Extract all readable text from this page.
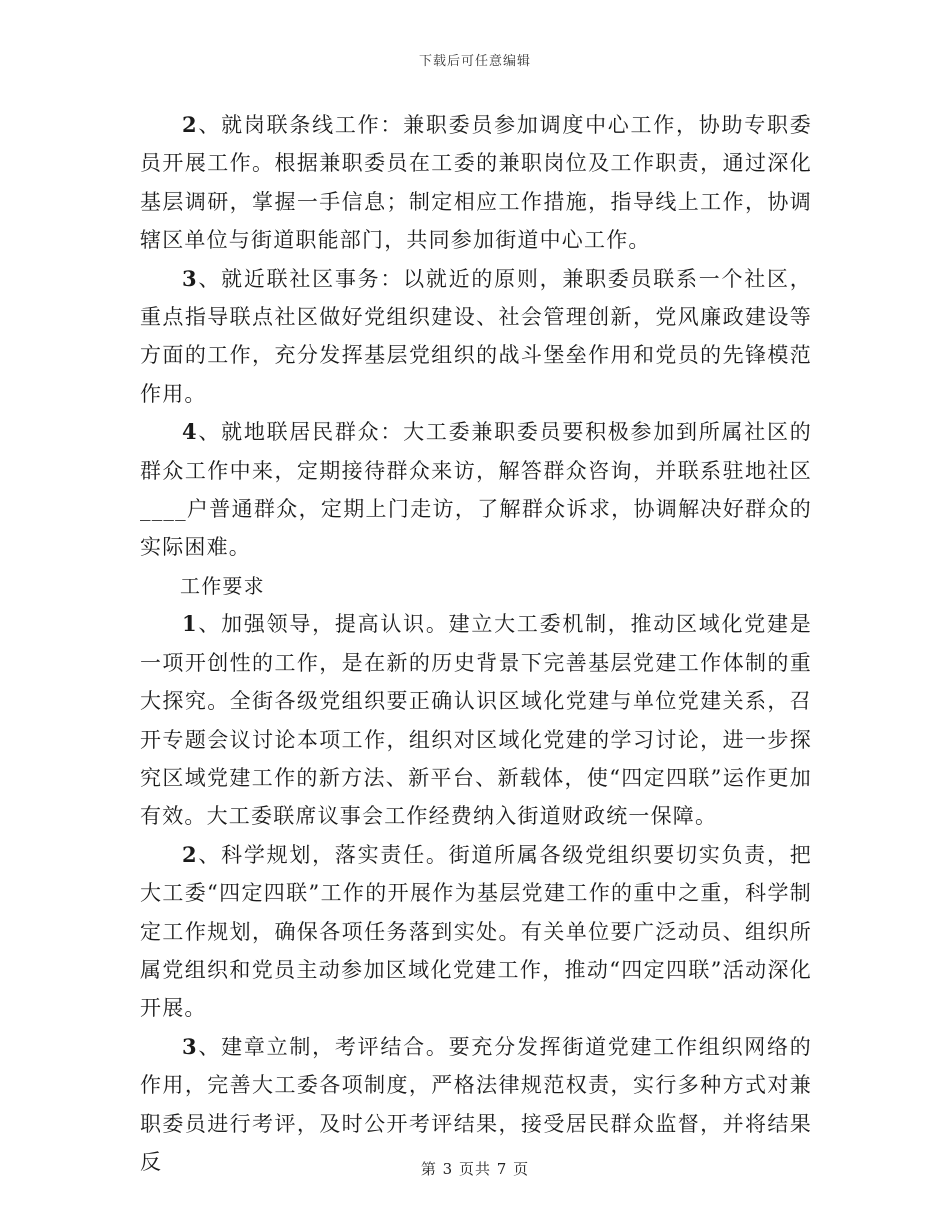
下载后可任意编辑

2、就岗联条线工作：兼职委员参加调度中心工作，协助专职委员开展工作。根据兼职委员在工委的兼职岗位及工作职责，通过深化基层调研，掌握一手信息；制定相应工作措施，指导线上工作，协调辖区单位与街道职能部门，共同参加街道中心工作。

3、就近联社区事务：以就近的原则，兼职委员联系一个社区，重点指导联点社区做好党组织建设、社会管理创新，党风廉政建设等方面的工作，充分发挥基层党组织的战斗堡垒作用和党员的先锋模范作用。

4、就地联居民群众：大工委兼职委员要积极参加到所属社区的群众工作中来，定期接待群众来访，解答群众咨询，并联系驻地社区____户普通群众，定期上门走访，了解群众诉求，协调解决好群众的实际困难。

工作要求

1、加强领导，提高认识。建立大工委机制，推动区域化党建是一项开创性的工作，是在新的历史背景下完善基层党建工作体制的重大探究。全街各级党组织要正确认识区域化党建与单位党建关系，召开专题会议讨论本项工作，组织对区域化党建的学习讨论，进一步探究区域党建工作的新方法、新平台、新载体，使“四定四联”运作更加有效。大工委联席议事会工作经费纳入街道财政统一保障。

2、科学规划，落实责任。街道所属各级党组织要切实负责，把大工委“四定四联”工作的开展作为基层党建工作的重中之重，科学制定工作规划，确保各项任务落到实处。有关单位要广泛动员、组织所属党组织和党员主动参加区域化党建工作，推动“四定四联”活动深化开展。

3、建章立制，考评结合。要充分发挥街道党建工作组织网络的作用，完善大工委各项制度，严格法律规范权责，实行多种方式对兼职委员进行考评，及时公开考评结果，接受居民群众监督，并将结果反	第 3 页共 7 页
